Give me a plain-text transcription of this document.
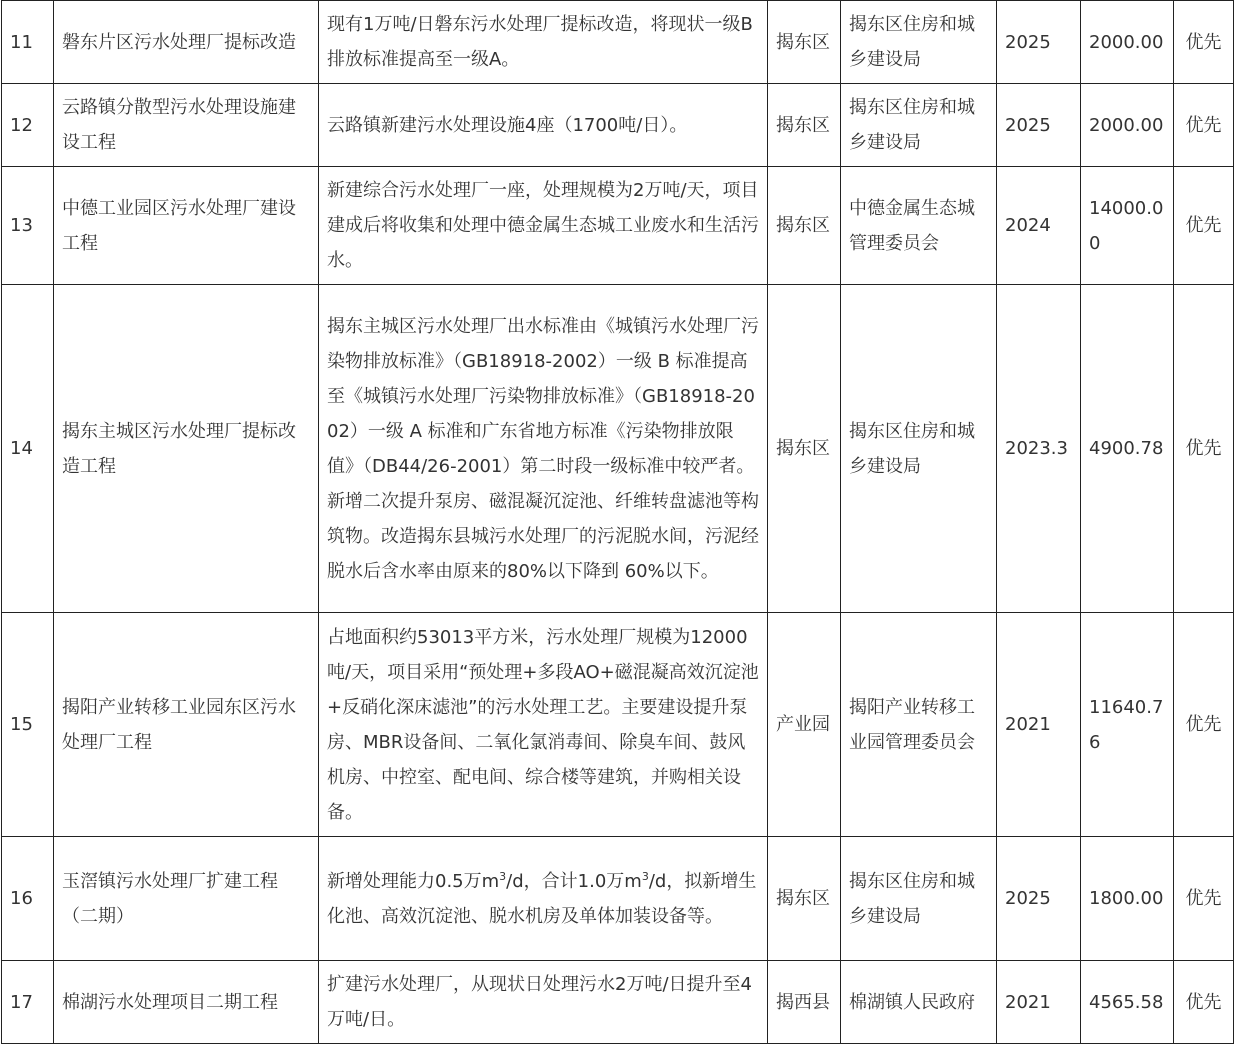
11	磐东片区污水处理厂提标改造	现有1万吨/日磐东污水处理厂提标改造，将现状一级B排放标准提高至一级A。	揭东区	揭东区住房和城乡建设局	2025	2000.00	优先
12	云路镇分散型污水处理设施建设工程	云路镇新建污水处理设施4座（1700吨/日）。	揭东区	揭东区住房和城乡建设局	2025	2000.00	优先
13	中德工业园区污水处理厂建设工程	新建综合污水处理厂一座，处理规模为2万吨/天，项目建成后将收集和处理中德金属生态城工业废水和生活污水。	揭东区	中德金属生态城管理委员会	2024	14000.00	优先
14	揭东主城区污水处理厂提标改造工程	揭东主城区污水处理厂出水标准由《城镇污水处理厂污染物排放标准》（GB18918-2002）一级 B 标准提高至《城镇污水处理厂污染物排放标准》（GB18918-2002）一级 A 标准和广东省地方标准《污染物排放限值》（DB44/26-2001）第二时段一级标准中较严者。新增二次提升泵房、磁混凝沉淀池、纤维转盘滤池等构筑物。改造揭东县城污水处理厂的污泥脱水间，污泥经脱水后含水率由原来的80%以下降到 60%以下。	揭东区	揭东区住房和城乡建设局	2023.3	4900.78	优先
15	揭阳产业转移工业园东区污水处理厂工程	占地面积约53013平方米，污水处理厂规模为12000吨/天，项目采用“预处理+多段AO+磁混凝高效沉淀池+反硝化深床滤池”的污水处理工艺。主要建设提升泵房、MBR设备间、二氧化氯消毒间、除臭车间、鼓风机房、中控室、配电间、综合楼等建筑，并购相关设备。	产业园	揭阳产业转移工业园管理委员会	2021	11640.76	优先
16	玉滘镇污水处理厂扩建工程（二期）	新增处理能力0.5万$m^3/d$，合计1.0万$m^3/d$，拟新增生化池、高效沉淀池、脱水机房及单体加装设备等。	揭东区	揭东区住房和城乡建设局	2025	1800.00	优先
17	棉湖污水处理项目二期工程	扩建污水处理厂，从现状日处理污水2万吨/日提升至4万吨/日。	揭西县	棉湖镇人民政府	2021	4565.58	优先
